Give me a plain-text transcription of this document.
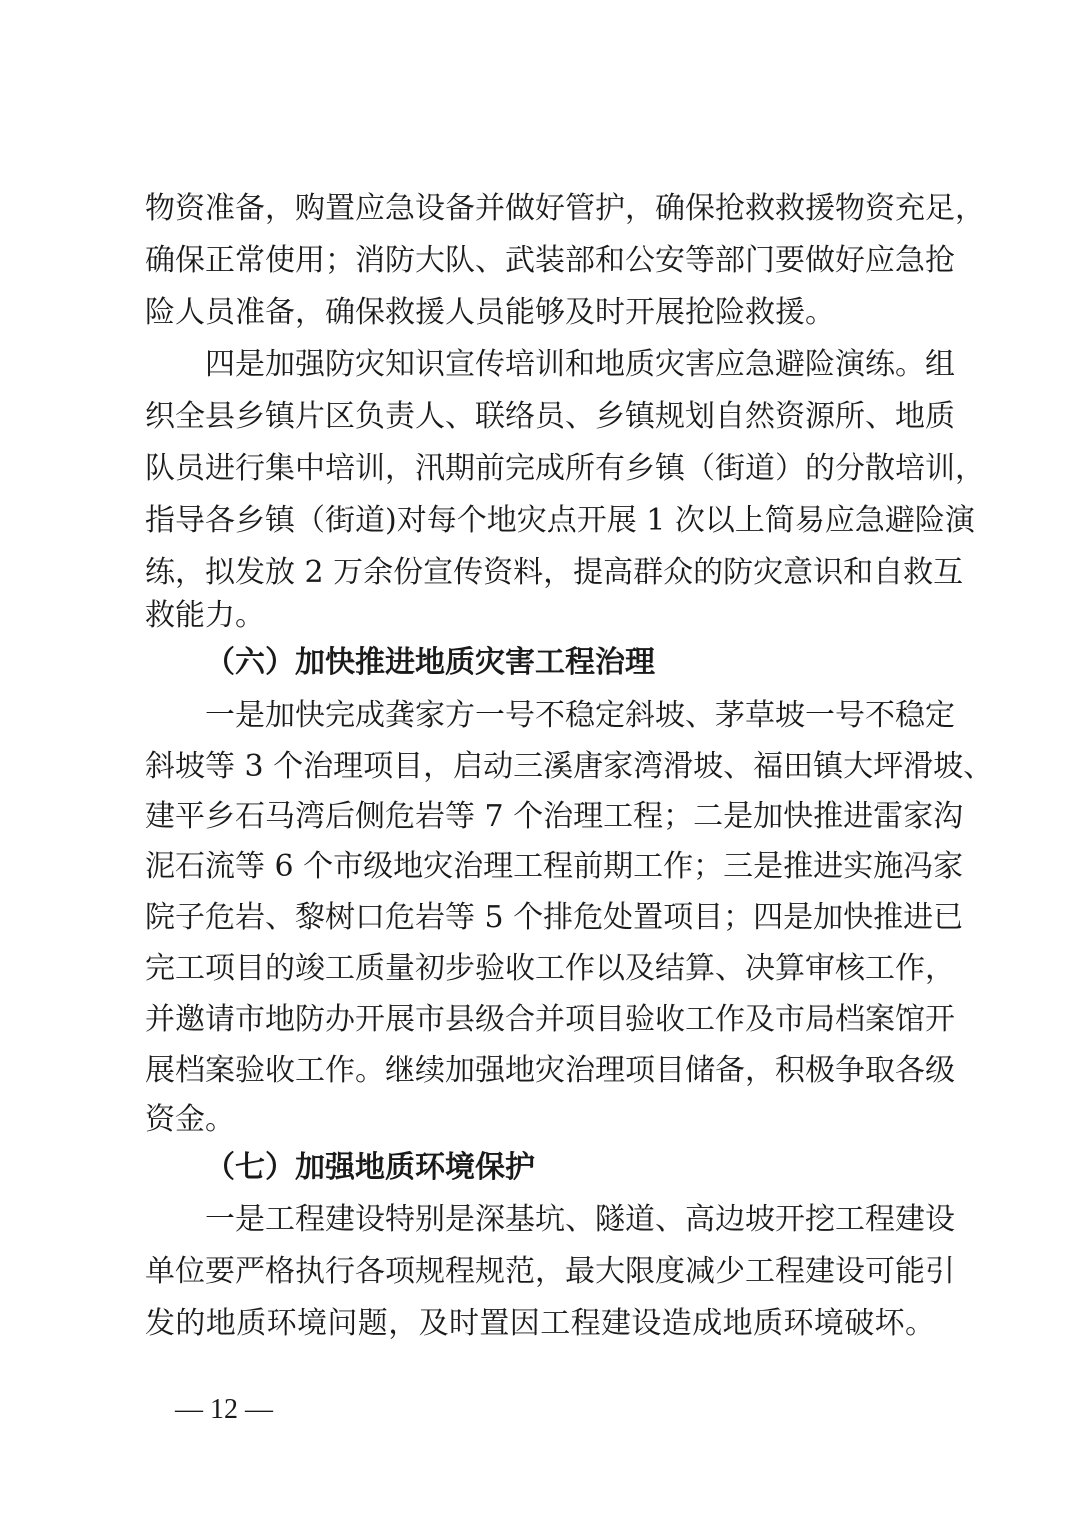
物资准备，购置应急设备并做好管护，确保抢救救援物资充足，
确保正常使用；消防大队、武装部和公安等部门要做好应急抢
险人员准备，确保救援人员能够及时开展抢险救援。
四是加强防灾知识宣传培训和地质灾害应急避险演练。组
织全县乡镇片区负责人、联络员、乡镇规划自然资源所、地质
队员进行集中培训，汛期前完成所有乡镇（街道）的分散培训，
指导各乡镇（街道)对每个地灾点开展 1 次以上简易应急避险演
练，拟发放 2 万余份宣传资料，提高群众的防灾意识和自救互
救能力。
（六）加快推进地质灾害工程治理
一是加快完成龚家方一号不稳定斜坡、茅草坡一号不稳定
斜坡等 3 个治理项目，启动三溪唐家湾滑坡、福田镇大坪滑坡、
建平乡石马湾后侧危岩等 7 个治理工程；二是加快推进雷家沟
泥石流等 6 个市级地灾治理工程前期工作；三是推进实施冯家
院子危岩、黎树口危岩等 5 个排危处置项目；四是加快推进已
完工项目的竣工质量初步验收工作以及结算、决算审核工作，
并邀请市地防办开展市县级合并项目验收工作及市局档案馆开
展档案验收工作。继续加强地灾治理项目储备，积极争取各级
资金。
（七）加强地质环境保护
一是工程建设特别是深基坑、隧道、高边坡开挖工程建设
单位要严格执行各项规程规范，最大限度减少工程建设可能引
发的地质环境问题，及时置因工程建设造成地质环境破坏。
— 12 —
